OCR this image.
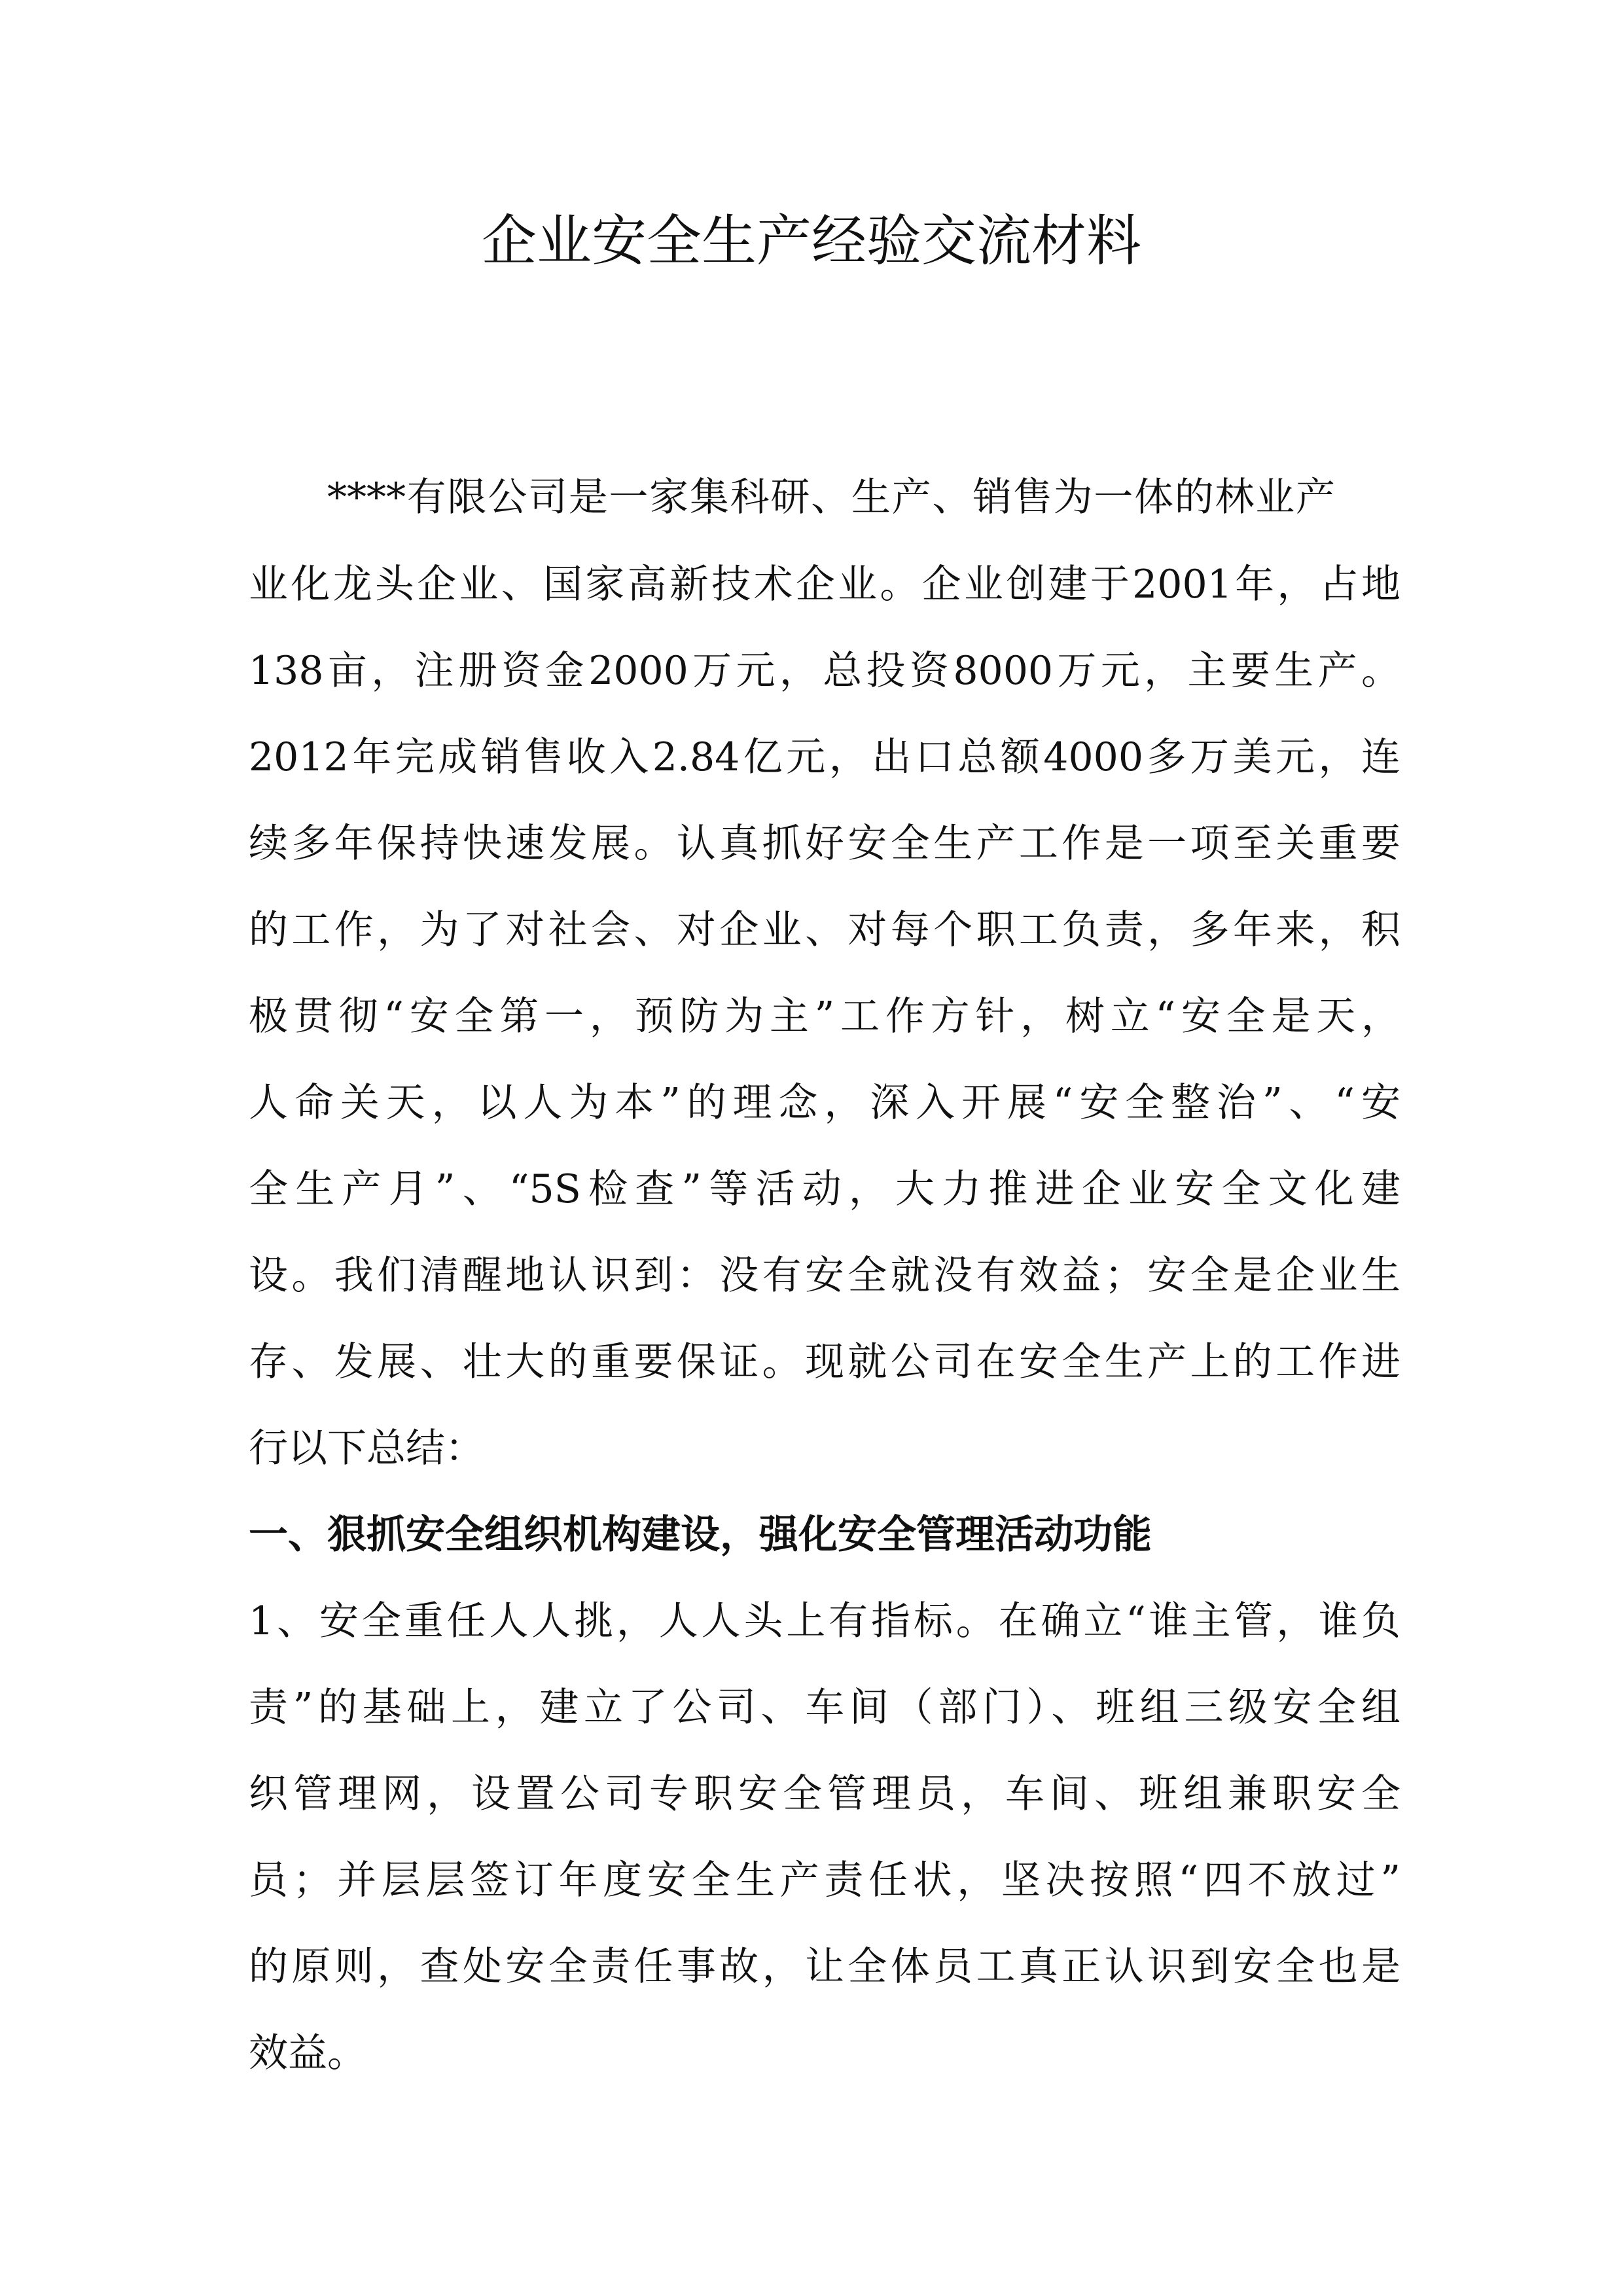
企业安全生产经验交流材料
****有限公司是一家集科研、生产、销售为一体的林业产
业化龙头企业、国家高新技术企业。企业创建于2001年，占地
138亩，注册资金2000万元，总投资8000万元，主要生产。
2012年完成销售收入2.84亿元，出口总额4000多万美元，连
续多年保持快速发展。认真抓好安全生产工作是一项至关重要
的工作，为了对社会、对企业、对每个职工负责，多年来，积
极贯彻“安全第一，预防为主”工作方针，树立“安全是天，
人命关天，以人为本”的理念，深入开展“安全整治”、“安
全生产月”、“5S检查”等活动，大力推进企业安全文化建
设。我们清醒地认识到：没有安全就没有效益；安全是企业生
存、发展、壮大的重要保证。现就公司在安全生产上的工作进
行以下总结：
一、狠抓安全组织机构建设，强化安全管理活动功能
1、安全重任人人挑，人人头上有指标。在确立“谁主管，谁负
责”的基础上，建立了公司、车间（部门）、班组三级安全组
织管理网，设置公司专职安全管理员，车间、班组兼职安全
员；并层层签订年度安全生产责任状，坚决按照“四不放过”
的原则，查处安全责任事故，让全体员工真正认识到安全也是
效益。
